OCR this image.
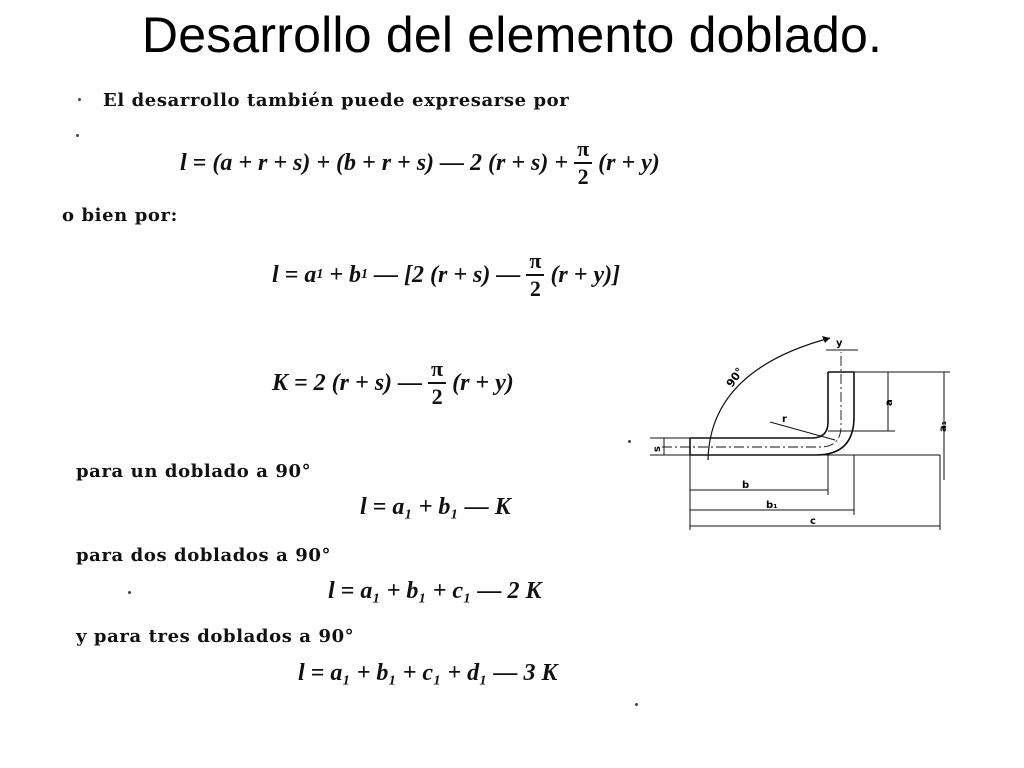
Desarrollo del elemento doblado.
El desarrollo también puede expresarse por
l = (a + r + s) + (b + r + s) — 2 $(r + s) + \frac{\pi}{2} (r + y)$
o bien por:
l = a 1 + b 1 — [2 (r + s) — $\frac{\pi}{2} (r + y)$]
K = 2 (r + s) — $\frac{\pi}{2} (r + y)$
para un doblado a 90°
l = a₁ + b₁ — K
para dos doblados a 90°
l = a₁ + b₁ + c₁ — 2 K
y para tres doblados a 90°
l = a₁ + b₁ + c₁ + d₁ — 3 K
90°
y
r
a
a₁
s
b
b₁
c
